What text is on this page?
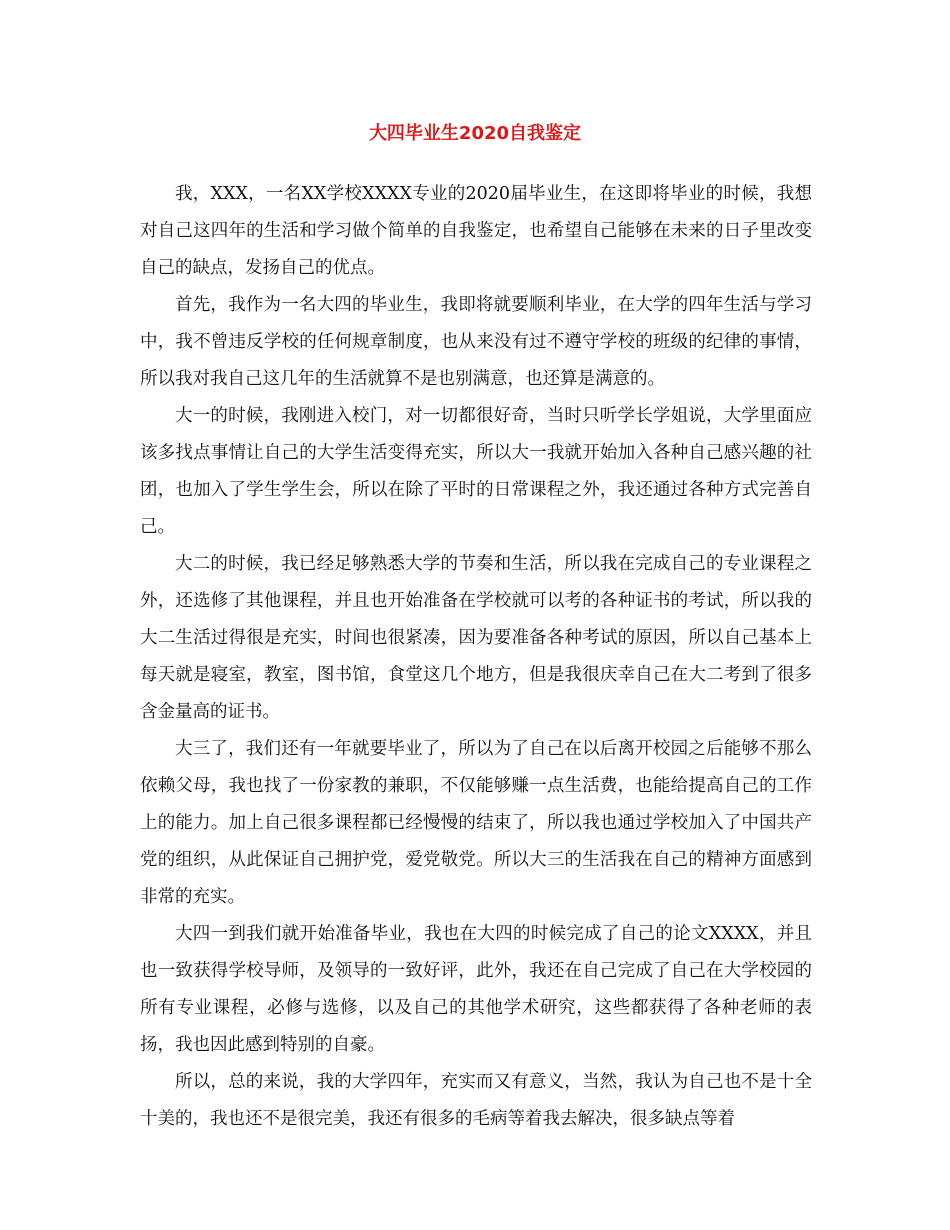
大四毕业生2020自我鉴定

我，XXX，一名XX学校XXXX专业的2020届毕业生，在这即将毕业的时候，我想对自己这四年的生活和学习做个简单的自我鉴定，也希望自己能够在未来的日子里改变自己的缺点，发扬自己的优点。

首先，我作为一名大四的毕业生，我即将就要顺利毕业，在大学的四年生活与学习中，我不曾违反学校的任何规章制度，也从来没有过不遵守学校的班级的纪律的事情，所以我对我自己这几年的生活就算不是也别满意，也还算是满意的。

大一的时候，我刚进入校门，对一切都很好奇，当时只听学长学姐说，大学里面应该多找点事情让自己的大学生活变得充实，所以大一我就开始加入各种自己感兴趣的社团，也加入了学生学生会，所以在除了平时的日常课程之外，我还通过各种方式完善自己。

大二的时候，我已经足够熟悉大学的节奏和生活，所以我在完成自己的专业课程之外，还选修了其他课程，并且也开始准备在学校就可以考的各种证书的考试，所以我的大二生活过得很是充实，时间也很紧凑，因为要准备各种考试的原因，所以自己基本上每天就是寝室，教室，图书馆，食堂这几个地方，但是我很庆幸自己在大二考到了很多含金量高的证书。

大三了，我们还有一年就要毕业了，所以为了自己在以后离开校园之后能够不那么依赖父母，我也找了一份家教的兼职，不仅能够赚一点生活费，也能给提高自己的工作上的能力。加上自己很多课程都已经慢慢的结束了，所以我也通过学校加入了中国共产党的组织，从此保证自己拥护党，爱党敬党。所以大三的生活我在自己的精神方面感到非常的充实。

大四一到我们就开始准备毕业，我也在大四的时候完成了自己的论文XXXX，并且也一致获得学校导师，及领导的一致好评，此外，我还在自己完成了自己在大学校园的所有专业课程，必修与选修，以及自己的其他学术研究，这些都获得了各种老师的表扬，我也因此感到特别的自豪。

所以，总的来说，我的大学四年，充实而又有意义，当然，我认为自己也不是十全十美的，我也还不是很完美，我还有很多的毛病等着我去解决，很多缺点等着
